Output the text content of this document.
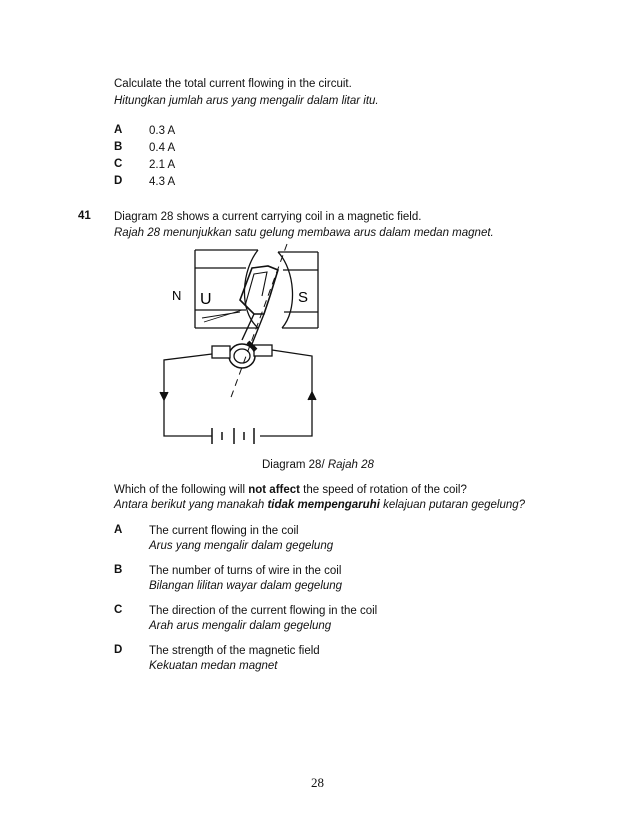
Calculate the total current flowing in the circuit.
Hitungkan jumlah arus yang mengalir dalam litar itu.
A 0.3 A
B 0.4 A
C 2.1 A
D 4.3 A
41 Diagram 28 shows a current carrying coil in a magnetic field.
Rajah 28 menunjukkan satu gelung membawa arus dalam medan magnet.
N U	S
Diagram 28/ Rajah 28
Which of the following will not affect the speed of rotation of the coil?
Antara berikut yang manakah tidak mempengaruhi kelajuan putaran gegelung?
A The current flowing in the coil
Arus yang mengalir dalam gegelung
B The number of turns of wire in the coil
Bilangan lilitan wayar dalam gegelung
C The direction of the current flowing in the coil
Arah arus mengalir dalam gegelung
D The strength of the magnetic field
Kekuatan medan magnet
28
